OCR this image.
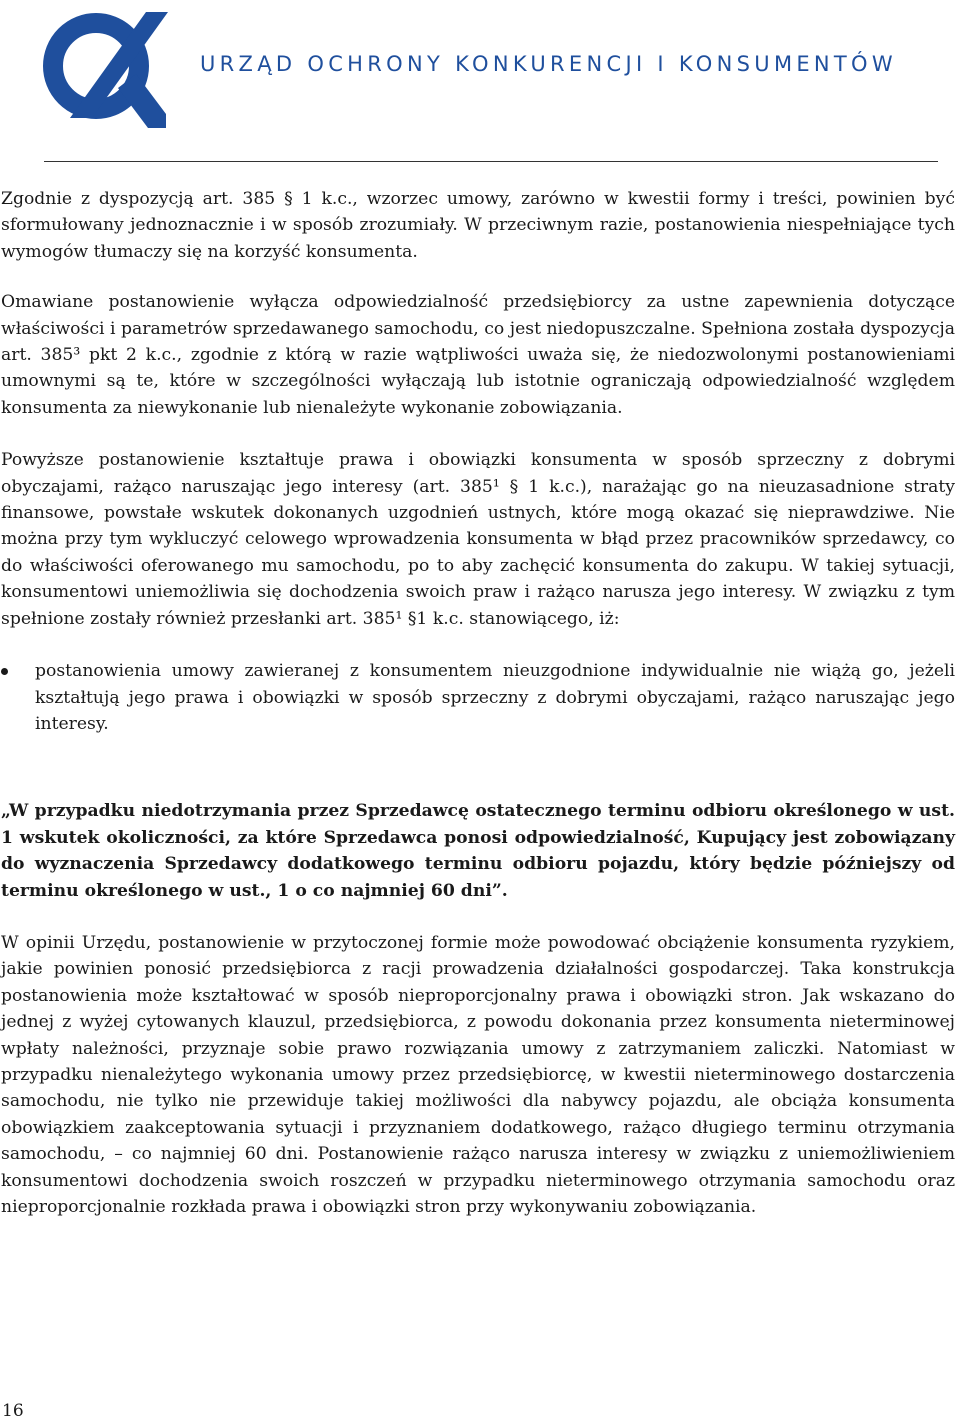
URZĄD OCHRONY KONKURENCJI I KONSUMENTÓW

Zgodnie z dyspozycją art. 385 § 1 k.c., wzorzec umowy, zarówno w kwestii formy i treści, powinien być sformułowany jednoznacznie i w sposób zrozumiały. W przeciwnym razie, postanowienia niespełniające tych wymogów tłumaczy się na korzyść konsumenta.

Omawiane postanowienie wyłącza odpowiedzialność przedsiębiorcy za ustne zapewnienia dotyczące właściwości i parametrów sprzedawanego samochodu, co jest niedopuszczalne. Spełniona została dyspozycja art. 385³ pkt 2 k.c., zgodnie z którą w razie wątpliwości uważa się, że niedozwolonymi postanowieniami umownymi są te, które w szczególności wyłączają lub istotnie ograniczają odpowiedzialność względem konsumenta za niewykonanie lub nienależyte wykonanie zobowiązania.

Powyższe postanowienie kształtuje prawa i obowiązki konsumenta w sposób sprzeczny z dobrymi obyczajami, rażąco naruszając jego interesy (art. 385¹ § 1 k.c.), narażając go na nieuzasadnione straty finansowe, powstałe wskutek dokonanych uzgodnień ustnych, które mogą okazać się nieprawdziwe. Nie można przy tym wykluczyć celowego wprowadzenia konsumenta w błąd przez pracowników sprzedawcy, co do właściwości oferowanego mu samochodu, po to aby zachęcić konsumenta do zakupu. W takiej sytuacji, konsumentowi uniemożliwia się dochodzenia swoich praw i rażąco narusza jego interesy. W związku z tym spełnione zostały również przesłanki art. 385¹ §1 k.c. stanowiącego, iż:

postanowienia umowy zawieranej z konsumentem nieuzgodnione indywidualnie nie wiążą go, jeżeli kształtują jego prawa i obowiązki w sposób sprzeczny z dobrymi obyczajami, rażąco naruszając jego interesy.

„W przypadku niedotrzymania przez Sprzedawcę ostatecznego terminu odbioru określonego w ust. 1 wskutek okoliczności, za które Sprzedawca ponosi odpowiedzialność, Kupujący jest zobowiązany do wyznaczenia Sprzedawcy dodatkowego terminu odbioru pojazdu, który będzie późniejszy od terminu określonego w ust., 1 o co najmniej 60 dni”.

W opinii Urzędu, postanowienie w przytoczonej formie może powodować obciążenie konsumenta ryzykiem, jakie powinien ponosić przedsiębiorca z racji prowadzenia działalności gospodarczej. Taka konstrukcja postanowienia może kształtować w sposób nieproporcjonalny prawa i obowiązki stron. Jak wskazano do jednej z wyżej cytowanych klauzul, przedsiębiorca, z powodu dokonania przez konsumenta nieterminowej wpłaty należności, przyznaje sobie prawo rozwiązania umowy z zatrzymaniem zaliczki. Natomiast w przypadku nienależytego wykonania umowy przez przedsiębiorcę, w kwestii nieterminowego dostarczenia samochodu, nie tylko nie przewiduje takiej możliwości dla nabywcy pojazdu, ale obciąża konsumenta obowiązkiem zaakceptowania sytuacji i przyznaniem dodatkowego, rażąco długiego terminu otrzymania samochodu, – co najmniej 60 dni. Postanowienie rażąco narusza interesy w związku z uniemożliwieniem konsumentowi dochodzenia swoich roszczeń w przypadku nieterminowego otrzymania samochodu oraz nieproporcjonalnie rozkłada prawa i obowiązki stron przy wykonywaniu zobowiązania.

16
